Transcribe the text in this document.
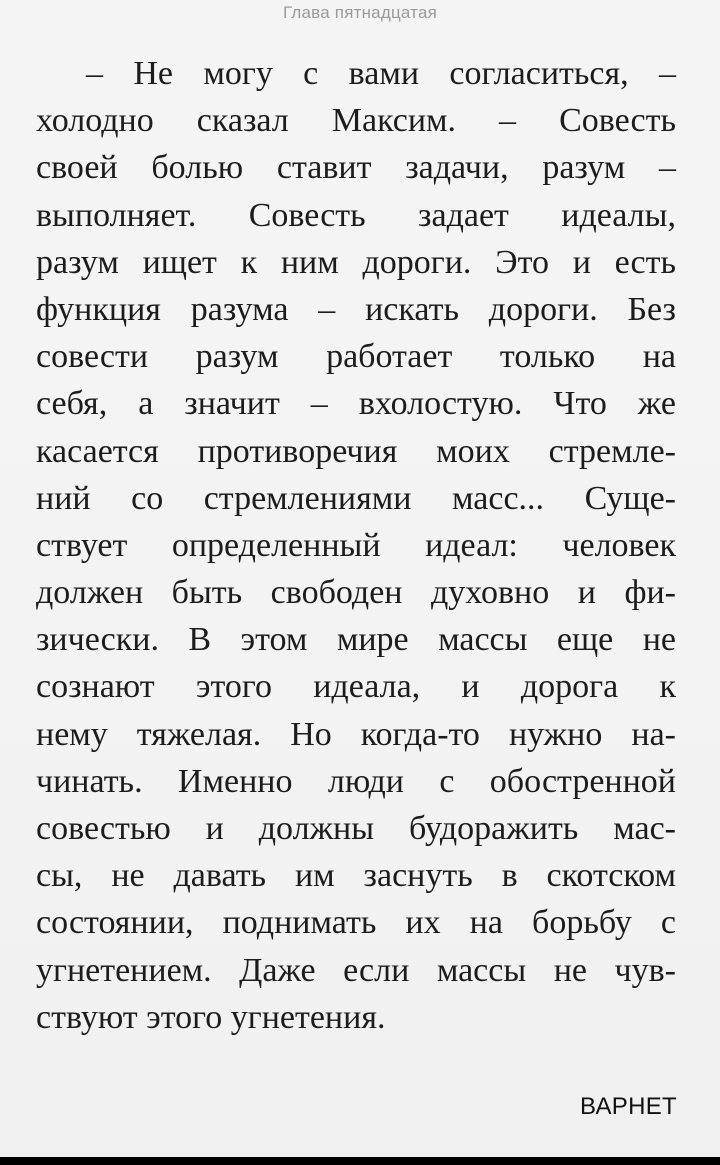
Глава пятнадцатая
– Не могу с вами согласиться, –
холодно сказал Максим. – Совесть
своей болью ставит задачи, разум –
выполняет. Совесть задает идеалы,
разум ищет к ним дороги. Это и есть
функция разума – искать дороги. Без
совести разум работает только на
себя, а значит – вхолостую. Что же
касается противоречия моих стремле-
ний со стремлениями масс... Суще-
ствует определенный идеал: человек
должен быть свободен духовно и фи-
зически. В этом мире массы еще не
сознают этого идеала, и дорога к
нему тяжелая. Но когда-то нужно на-
чинать. Именно люди с обостренной
совестью и должны будоражить мас-
сы, не давать им заснуть в скотском
состоянии, поднимать их на борьбу с
угнетением. Даже если массы не чув-
ствуют этого угнетения.
ВАРНЕТ
